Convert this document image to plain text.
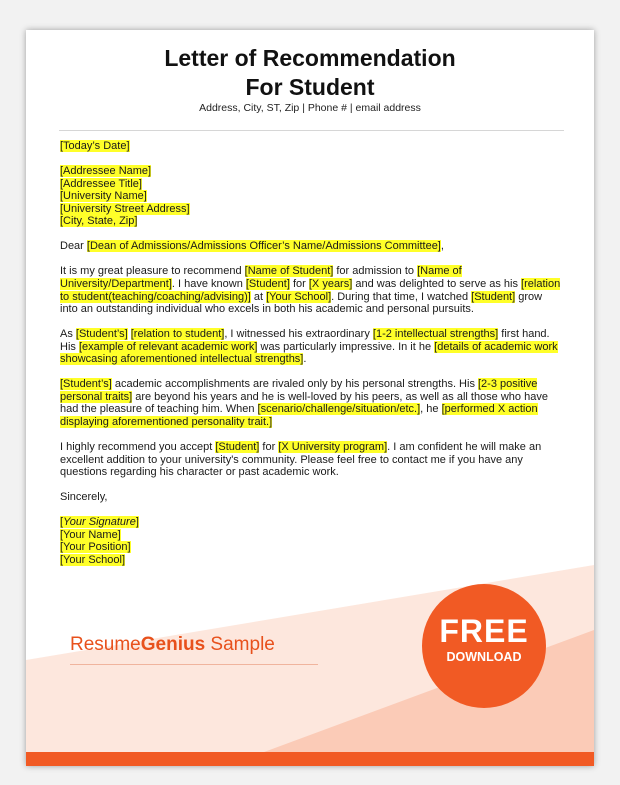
Letter of Recommendation
For Student
Address, City, ST, Zip | Phone # | email address

[Today’s Date]

[Addressee Name]
[Addressee Title]
[University Name]
[University Street Address]
[City, State, Zip]

Dear [Dean of Admissions/Admissions Officer’s Name/Admissions Committee],

It is my great pleasure to recommend [Name of Student] for admission to [Name of University/Department]. I have known [Student] for [X years] and was delighted to serve as his [relation to student(teaching/coaching/advising)] at [Your School]. During that time, I watched [Student] grow into an outstanding individual who excels in both his academic and personal pursuits.

As [Student’s] [relation to student], I witnessed his extraordinary [1-2 intellectual strengths] first hand. His [example of relevant academic work] was particularly impressive. In it he [details of academic work showcasing aforementioned intellectual strengths].

[Student’s] academic accomplishments are rivaled only by his personal strengths. His [2-3 positive personal traits] are beyond his years and he is well-loved by his peers, as well as all those who have had the pleasure of teaching him. When [scenario/challenge/situation/etc.], he [performed X action displaying aforementioned personality trait.]

I highly recommend you accept [Student] for [X University program]. I am confident he will make an excellent addition to your university's community. Please feel free to contact me if you have any questions regarding his character or past academic work.

Sincerely,

[Your Signature]
[Your Name]
[Your Position]
[Your School]

ResumeGenius Sample	FREE
DOWNLOAD
